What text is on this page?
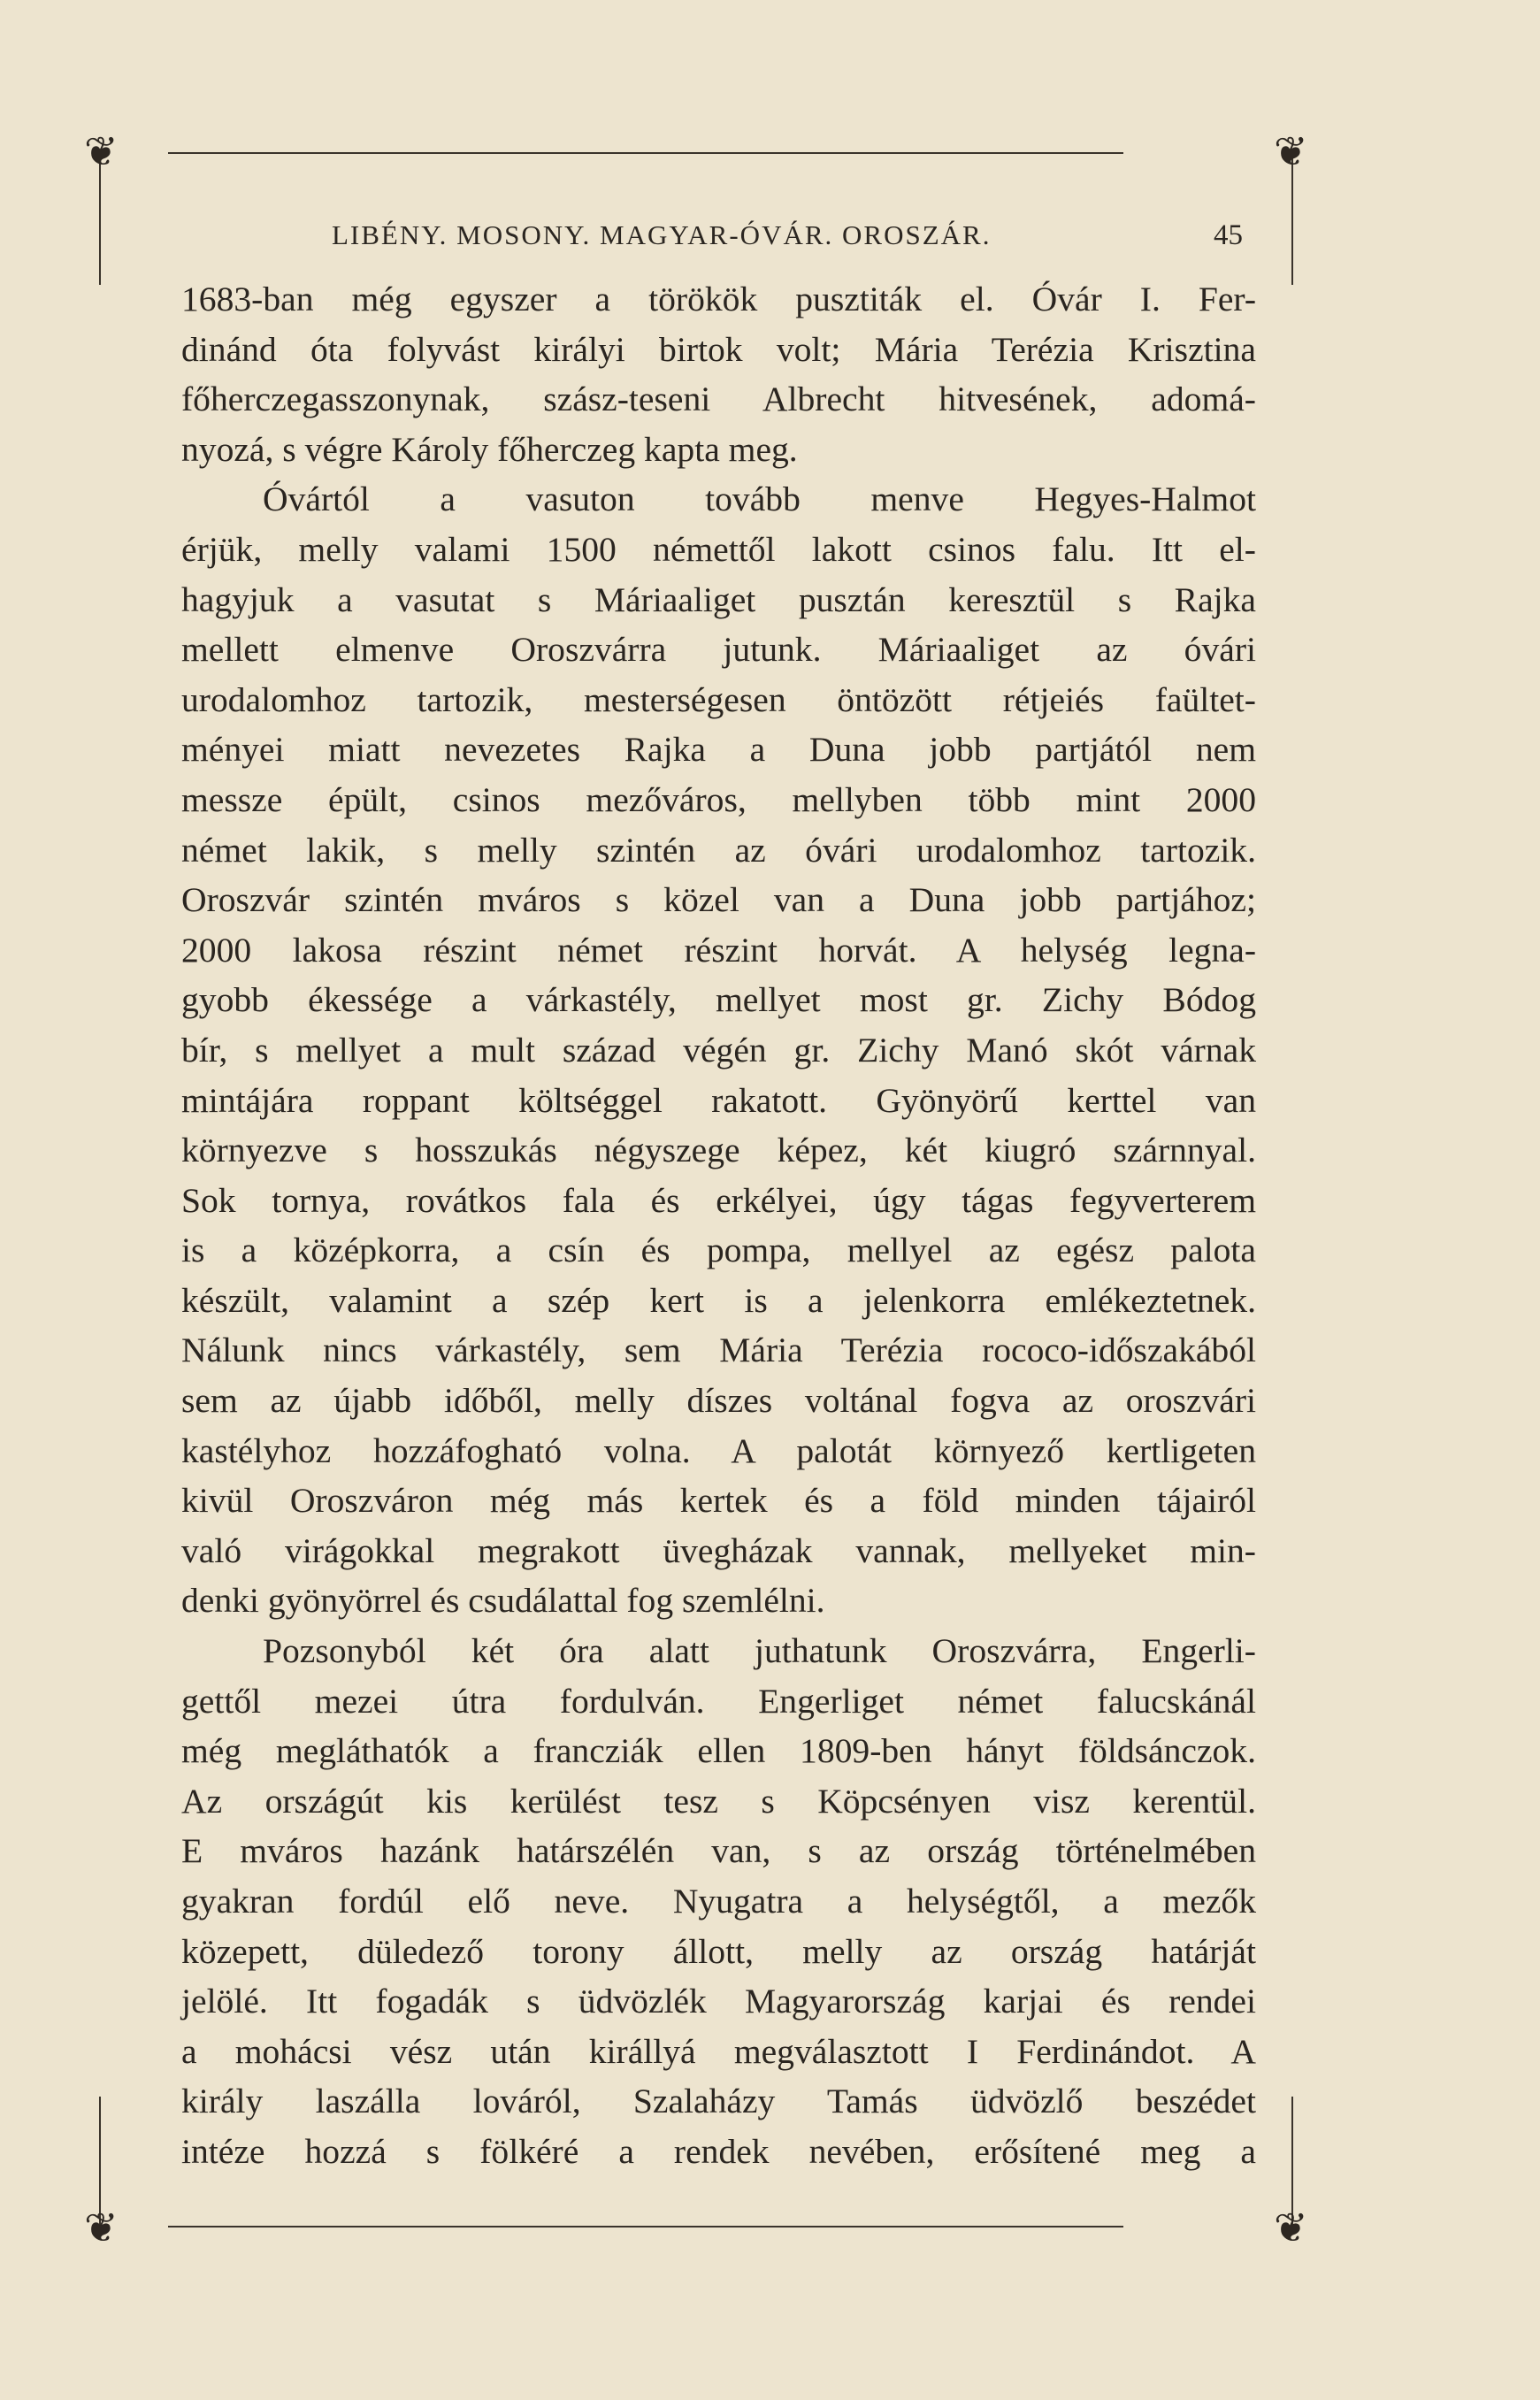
❦	❦
❦	❦
LIBÉNY. MOSONY. MAGYAR-ÓVÁR. OROSZÁR.	45
1683-ban még egyszer a törökök pusztiták el. Óvár I. Fer-
dinánd óta folyvást királyi birtok volt; Mária Terézia Krisztina
főherczegasszonynak, szász-teseni Albrecht hitvesének, adomá-
nyozá, s végre Károly főherczeg kapta meg.
Óvártól a vasuton tovább menve Hegyes-Halmot
érjük, melly valami 1500 némettől lakott csinos falu. Itt el-
hagyjuk a vasutat s Máriaaliget pusztán keresztül s Rajka
mellett elmenve Oroszvárra jutunk. Máriaaliget az óvári
urodalomhoz tartozik, mesterségesen öntözött rétjeiés faültet-
ményei miatt nevezetes Rajka a Duna jobb partjától nem
messze épült, csinos mezőváros, mellyben több mint 2000
német lakik, s melly szintén az óvári urodalomhoz tartozik.
Oroszvár szintén mváros s közel van a Duna jobb partjához;
2000 lakosa részint német részint horvát. A helység legna-
gyobb ékessége a várkastély, mellyet most gr. Zichy Bódog
bír, s mellyet a mult század végén gr. Zichy Manó skót várnak
mintájára roppant költséggel rakatott. Gyönyörű kerttel van
környezve s hosszukás négyszege képez, két kiugró szárnnyal.
Sok tornya, rovátkos fala és erkélyei, úgy tágas fegyverterem
is a középkorra, a csín és pompa, mellyel az egész palota
készült, valamint a szép kert is a jelenkorra emlékeztetnek.
Nálunk nincs várkastély, sem Mária Terézia rococo-időszakából
sem az újabb időből, melly díszes voltánal fogva az oroszvári
kastélyhoz hozzáfogható volna. A palotát környező kertligeten
kivül Oroszváron még más kertek és a föld minden tájairól
való virágokkal megrakott üvegházak vannak, mellyeket min-
denki gyönyörrel és csudálattal fog szemlélni.
Pozsonyból két óra alatt juthatunk Oroszvárra, Engerli-
gettől mezei útra fordulván. Engerliget német falucskánál
még megláthatók a francziák ellen 1809-ben hányt földsánczok.
Az országút kis kerülést tesz s Köpcsényen visz kerentül.
E mváros hazánk határszélén van, s az ország történelmében
gyakran fordúl elő neve. Nyugatra a helységtől, a mezők
közepett, düledező torony állott, melly az ország határját
jelölé. Itt fogadák s üdvözlék Magyarország karjai és rendei
a mohácsi vész után királlyá megválasztott I Ferdinándot. A
király laszálla lováról, Szalaházy Tamás üdvözlő beszédet
intéze hozzá s fölkéré a rendek nevében, erősítené meg a
